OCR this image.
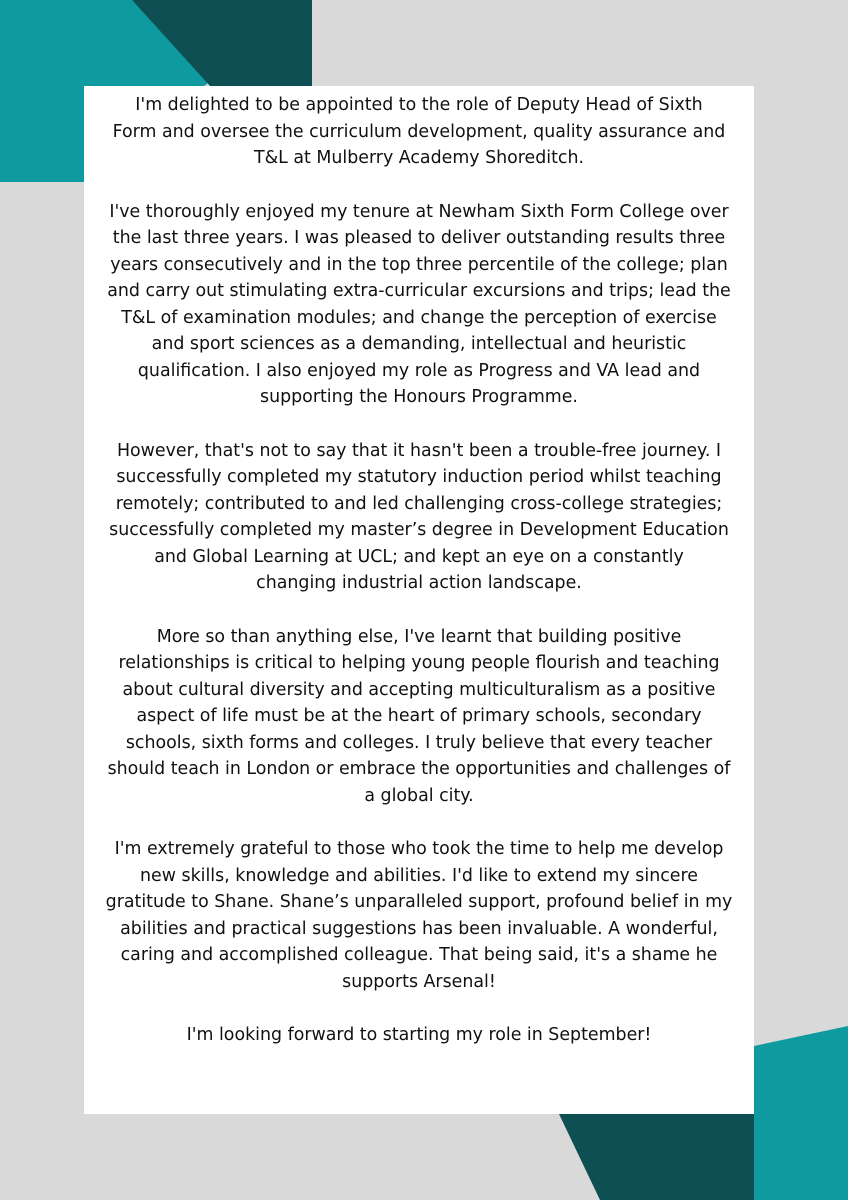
I'm delighted to be appointed to the role of Deputy Head of Sixth
Form and oversee the curriculum development, quality assurance and
T&L at Mulberry Academy Shoreditch.

I've thoroughly enjoyed my tenure at Newham Sixth Form College over
the last three years. I was pleased to deliver outstanding results three
years consecutively and in the top three percentile of the college; plan
and carry out stimulating extra-curricular excursions and trips; lead the
T&L of examination modules; and change the perception of exercise
and sport sciences as a demanding, intellectual and heuristic
qualification. I also enjoyed my role as Progress and VA lead and
supporting the Honours Programme.

However, that's not to say that it hasn't been a trouble-free journey. I
successfully completed my statutory induction period whilst teaching
remotely; contributed to and led challenging cross-college strategies;
successfully completed my master’s degree in Development Education
and Global Learning at UCL; and kept an eye on a constantly
changing industrial action landscape.

More so than anything else, I've learnt that building positive
relationships is critical to helping young people flourish and teaching
about cultural diversity and accepting multiculturalism as a positive
aspect of life must be at the heart of primary schools, secondary
schools, sixth forms and colleges. I truly believe that every teacher
should teach in London or embrace the opportunities and challenges of
a global city.

I'm extremely grateful to those who took the time to help me develop
new skills, knowledge and abilities. I'd like to extend my sincere
gratitude to Shane. Shane’s unparalleled support, profound belief in my
abilities and practical suggestions has been invaluable. A wonderful,
caring and accomplished colleague. That being said, it's a shame he
supports Arsenal!

I'm looking forward to starting my role in September!
